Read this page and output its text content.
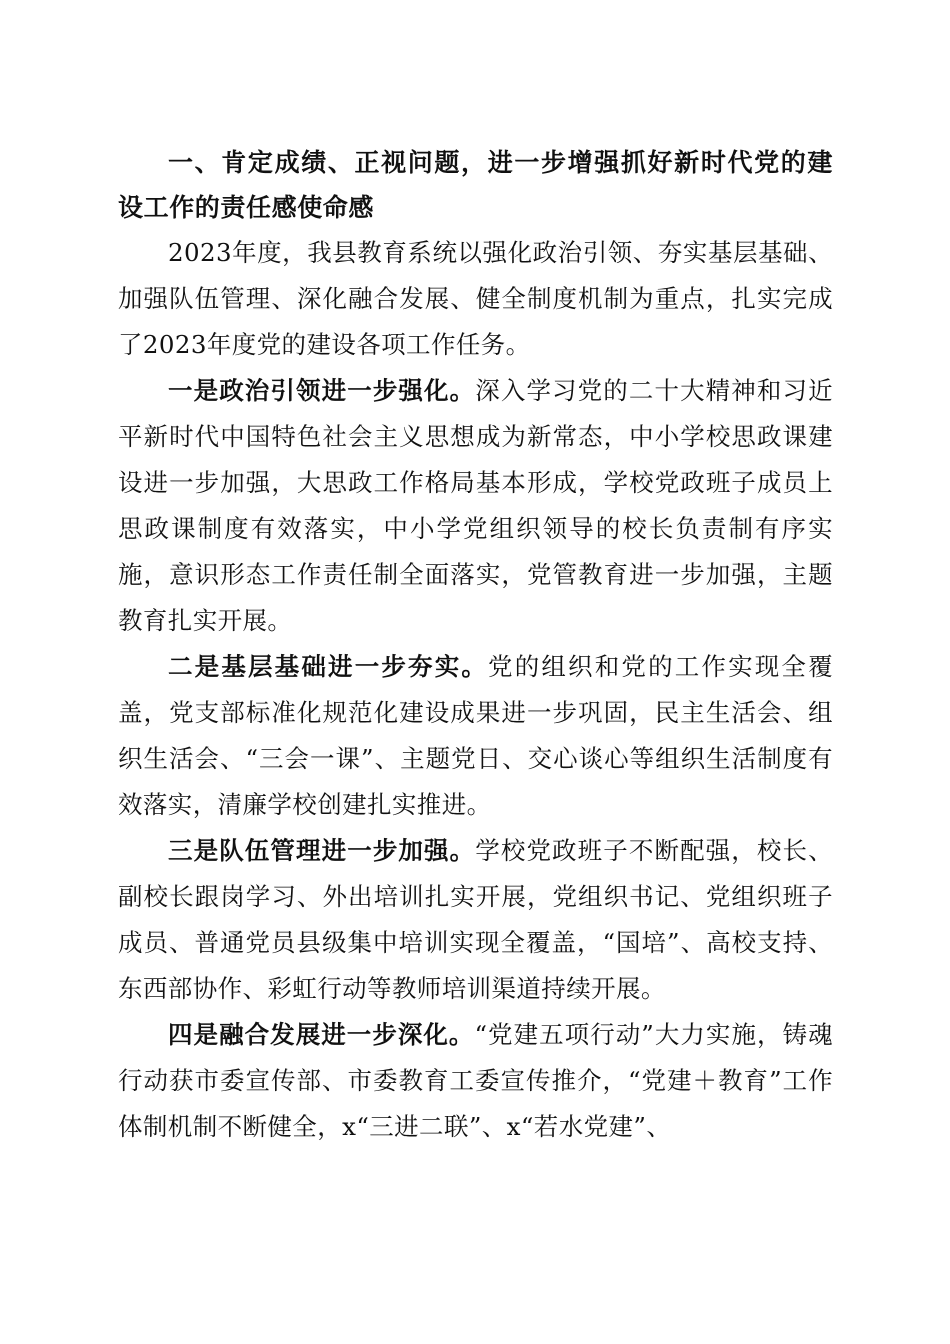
一、肯定成绩、正视问题，进一步增强抓好新时代党的建设工作的责任感使命感

2023年度，我县教育系统以强化政治引领、夯实基层基础、加强队伍管理、深化融合发展、健全制度机制为重点，扎实完成了2023年度党的建设各项工作任务。

一是政治引领进一步强化。深入学习党的二十大精神和习近平新时代中国特色社会主义思想成为新常态，中小学校思政课建设进一步加强，大思政工作格局基本形成，学校党政班子成员上思政课制度有效落实，中小学党组织领导的校长负责制有序实施，意识形态工作责任制全面落实，党管教育进一步加强，主题教育扎实开展。

二是基层基础进一步夯实。党的组织和党的工作实现全覆盖，党支部标准化规范化建设成果进一步巩固，民主生活会、组织生活会、“三会一课”、主题党日、交心谈心等组织生活制度有效落实，清廉学校创建扎实推进。

三是队伍管理进一步加强。学校党政班子不断配强，校长、副校长跟岗学习、外出培训扎实开展，党组织书记、党组织班子成员、普通党员县级集中培训实现全覆盖，“国培”、高校支持、东西部协作、彩虹行动等教师培训渠道持续开展。

四是融合发展进一步深化。“党建五项行动”大力实施，铸魂行动获市委宣传部、市委教育工委宣传推介，“党建＋教育”工作体制机制不断健全，x“三进二联”、x“若水党建”、
